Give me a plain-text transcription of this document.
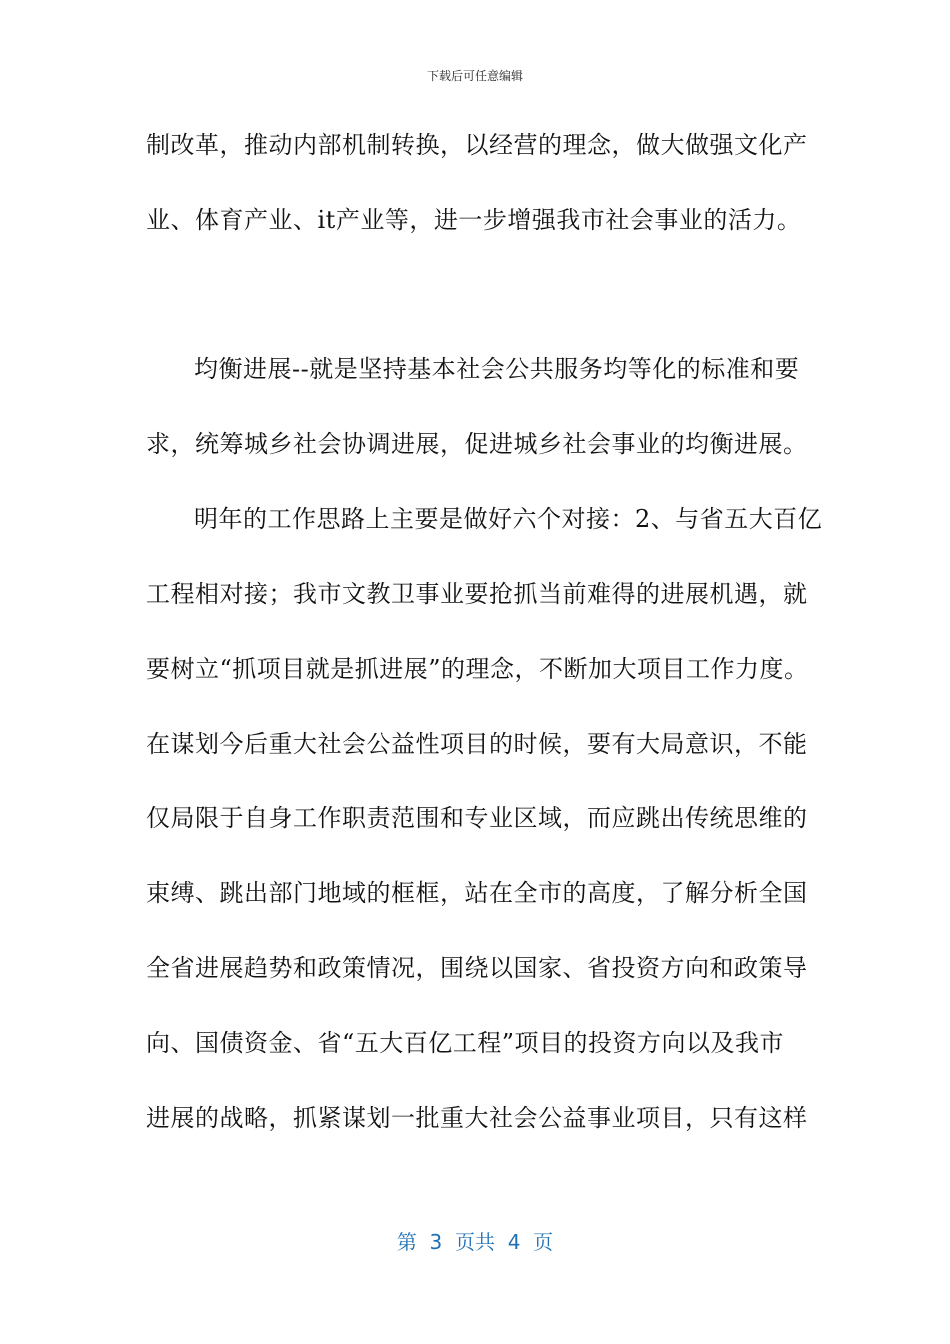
下载后可任意编辑
制改革，推动内部机制转换，以经营的理念，做大做强文化产
业、体育产业、it产业等，进一步增强我市社会事业的活力。
均衡进展--就是坚持基本社会公共服务均等化的标准和要
求，统筹城乡社会协调进展，促进城乡社会事业的均衡进展。
明年的工作思路上主要是做好六个对接：2、与省五大百亿
工程相对接；我市文教卫事业要抢抓当前难得的进展机遇，就
要树立“抓项目就是抓进展”的理念，不断加大项目工作力度。
在谋划今后重大社会公益性项目的时候，要有大局意识，不能
仅局限于自身工作职责范围和专业区域，而应跳出传统思维的
束缚、跳出部门地域的框框，站在全市的高度，了解分析全国
全省进展趋势和政策情况，围绕以国家、省投资方向和政策导
向、国债资金、省“五大百亿工程”项目的投资方向以及我市
进展的战略，抓紧谋划一批重大社会公益事业项目，只有这样
第  3  页共  4  页
